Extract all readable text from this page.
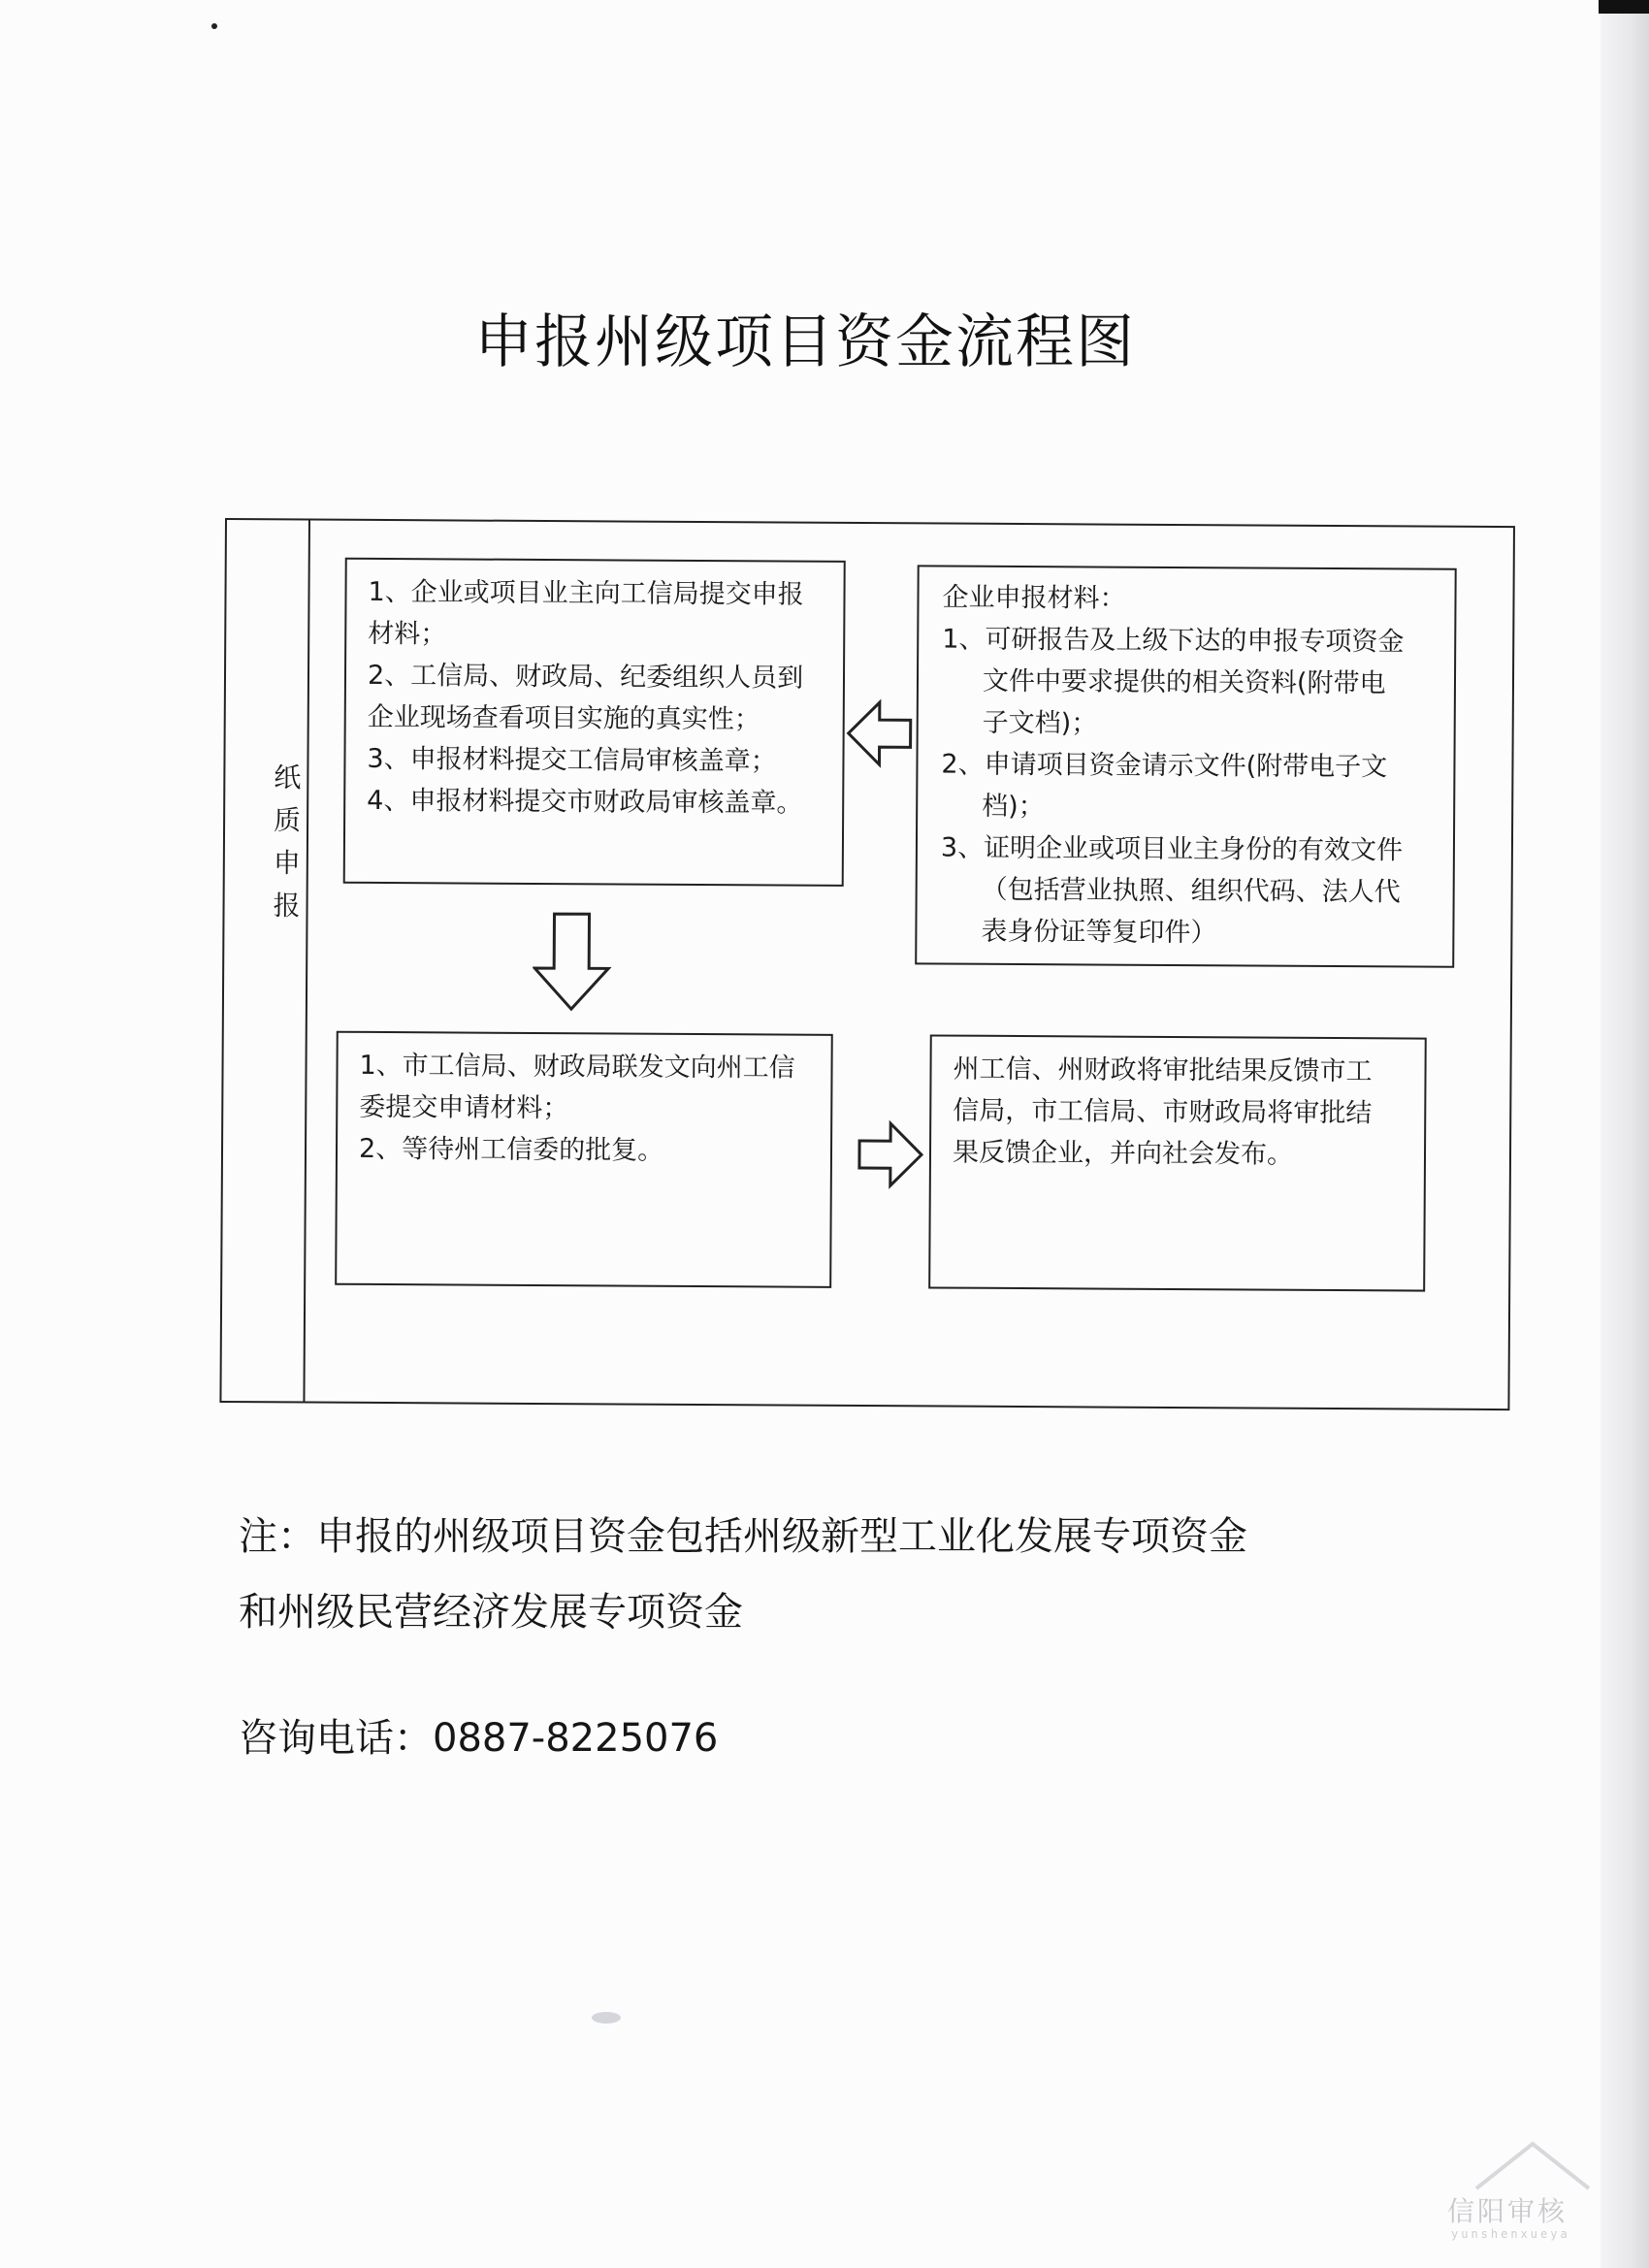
申报州级项目资金流程图
纸质申报
1、企业或项目业主向工信局提交申报
材料；
2、工信局、财政局、纪委组织人员到
企业现场查看项目实施的真实性；
3、申报材料提交工信局审核盖章；
4、申报材料提交市财政局审核盖章。
企业申报材料：
1、可研报告及上级下达的申报专项资金
文件中要求提供的相关资料(附带电
子文档)；
2、申请项目资金请示文件(附带电子文
档)；
3、证明企业或项目业主身份的有效文件
（包括营业执照、组织代码、法人代
表身份证等复印件）
1、市工信局、财政局联发文向州工信
委提交申请材料；
2、等待州工信委的批复。
州工信、州财政将审批结果反馈市工
信局，市工信局、市财政局将审批结
果反馈企业，并向社会发布。
注：申报的州级项目资金包括州级新型工业化发展专项资金
和州级民营经济发展专项资金
咨询电话：0887-8225076
信阳审核
yunshenxueya
